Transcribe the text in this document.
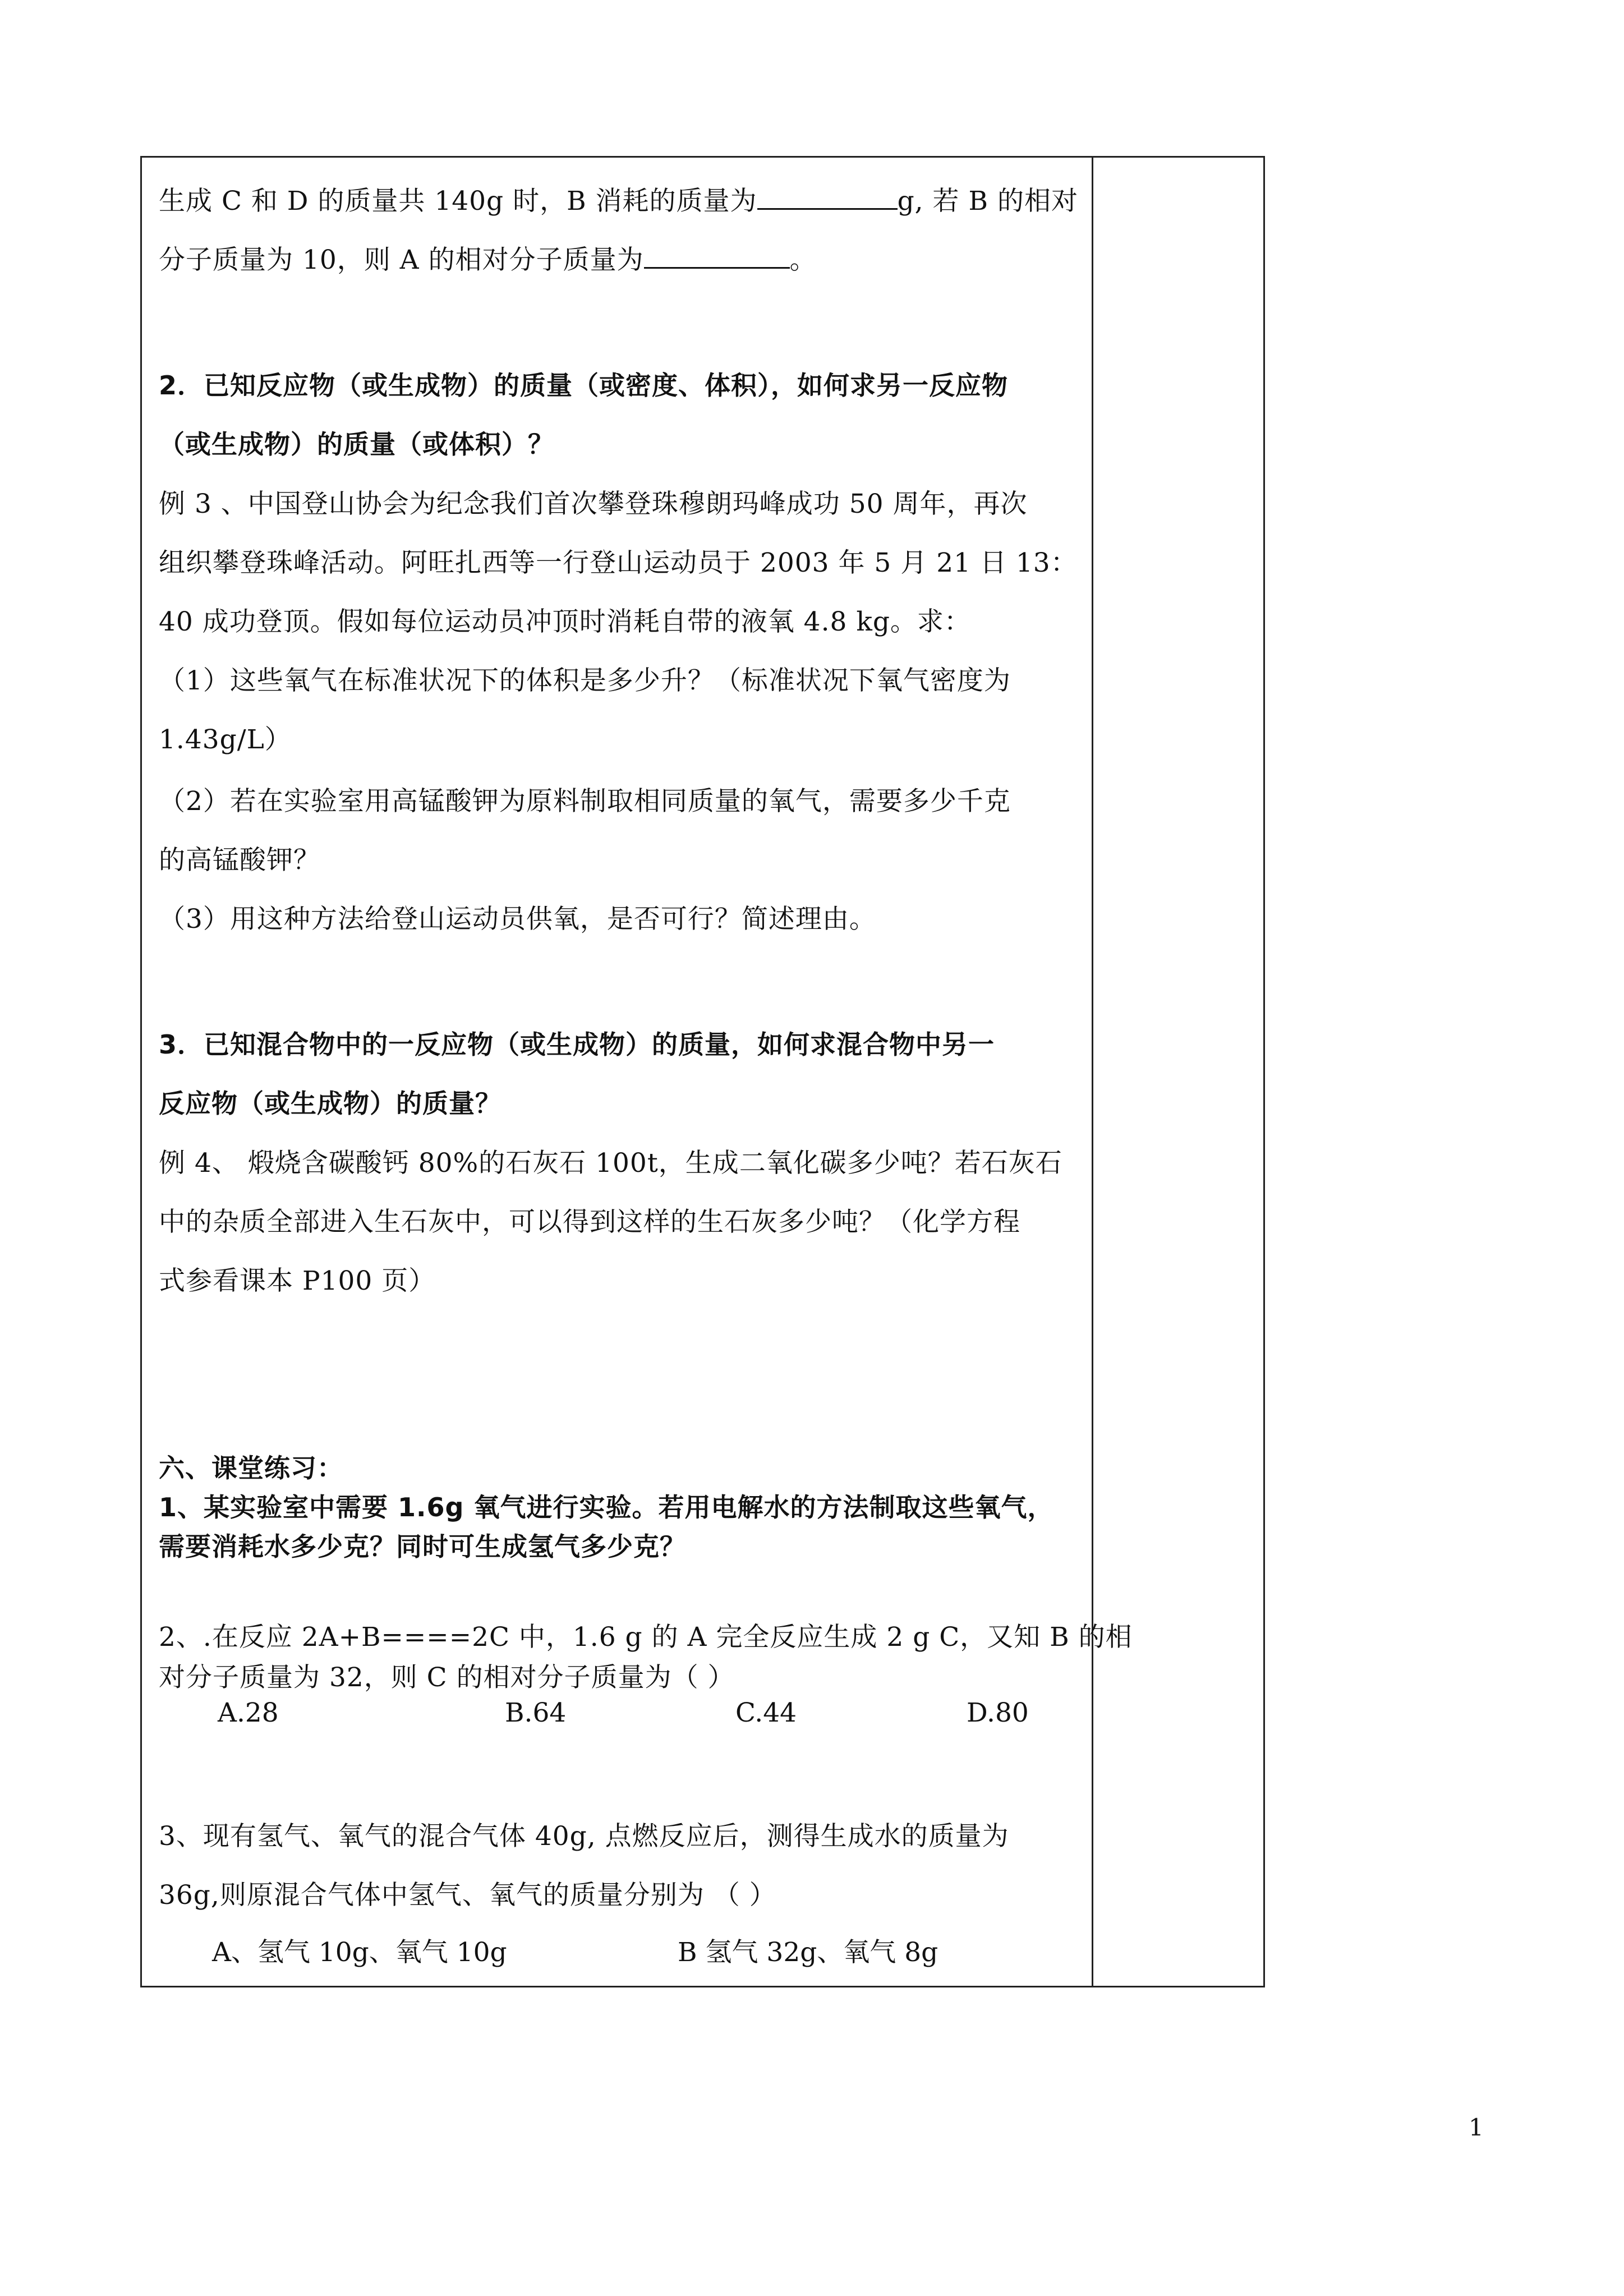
生成 C 和 D 的质量共 140g 时，B 消耗的质量为	g, 若 B 的相对
分子质量为 10，则 A 的相对分子质量为	。
2．已知反应物（或生成物）的质量（或密度、体积），如何求另一反应物
（或生成物）的质量（或体积）？
例 3 、中国登山协会为纪念我们首次攀登珠穆朗玛峰成功 50 周年，再次
组织攀登珠峰活动。阿旺扎西等一行登山运动员于 2003 年 5 月 21 日 13：
40 成功登顶。假如每位运动员冲顶时消耗自带的液氧 4.8 kg。求：
（1）这些氧气在标准状况下的体积是多少升？（标准状况下氧气密度为
1.43g/L）
（2）若在实验室用高锰酸钾为原料制取相同质量的氧气，需要多少千克
的高锰酸钾？
（3）用这种方法给登山运动员供氧，是否可行？简述理由。
3．已知混合物中的一反应物（或生成物）的质量，如何求混合物中另一
反应物（或生成物）的质量？
例 4、 煅烧含碳酸钙 80%的石灰石 100t，生成二氧化碳多少吨？若石灰石
中的杂质全部进入生石灰中，可以得到这样的生石灰多少吨？（化学方程
式参看课本 P100 页）
六、课堂练习：
1、某实验室中需要 1.6g 氧气进行实验。若用电解水的方法制取这些氧气，
需要消耗水多少克？同时可生成氢气多少克？
2、.在反应 2A+B====2C 中，1.6 g 的 A 完全反应生成 2 g C，又知 B 的相
对分子质量为 32，则 C 的相对分子质量为（ ）
A.28	B.64	C.44	D.80
3、现有氢气、氧气的混合气体 40g, 点燃反应后，测得生成水的质量为
36g,则原混合气体中氢气、氧气的质量分别为 （ ）
A、氢气 10g、氧气 10g	B 氢气 32g、氧气 8g
1
